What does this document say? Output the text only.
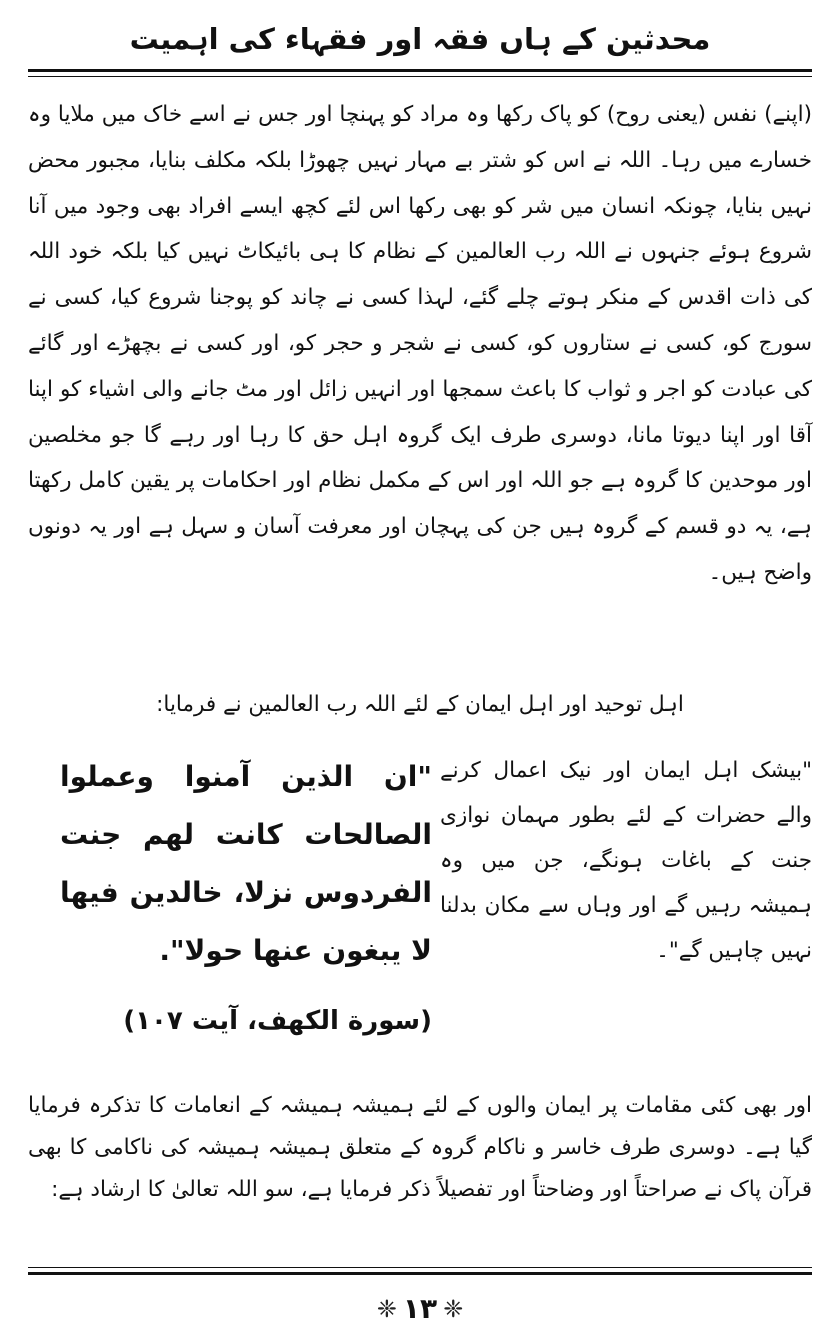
محدثین کے ہاں فقہ اور فقہاء کی اہمیت

(اپنے) نفس (یعنی روح) کو پاک رکھا وہ مراد کو پہنچا اور جس نے اسے خاک میں ملایا وہ خسارے میں رہا۔ اللہ نے اس کو شتر بے مہار نہیں چھوڑا بلکہ مکلف بنایا، مجبور محض نہیں بنایا، چونکہ انسان میں شر کو بھی رکھا اس لئے کچھ ایسے افراد بھی وجود میں آنا شروع ہوئے جنہوں نے اللہ رب العالمین کے نظام کا ہی بائیکاٹ نہیں کیا بلکہ خود اللہ کی ذات اقدس کے منکر ہوتے چلے گئے، لہذا کسی نے چاند کو پوجنا شروع کیا، کسی نے سورج کو، کسی نے ستاروں کو، کسی نے شجر و حجر کو، اور کسی نے بچھڑے اور گائے کی عبادت کو اجر و ثواب کا باعث سمجھا اور انہیں زائل اور مٹ جانے والی اشیاء کو اپنا آقا اور اپنا دیوتا مانا، دوسری طرف ایک گروہ اہل حق کا رہا اور رہے گا جو مخلصین اور موحدین کا گروہ ہے جو اللہ اور اس کے مکمل نظام اور احکامات پر یقین کامل رکھتا ہے، یہ دو قسم کے گروہ ہیں جن کی پہچان اور معرفت آسان و سہل ہے اور یہ دونوں واضح ہیں۔

اہل توحید اور اہل ایمان کے لئے اللہ رب العالمین نے فرمایا:
"ان الذین آمنوا وعملوا الصالحات کانت لھم جنت الفردوس نزلا، خالدین فیھا لا یبغون عنھا حولا".
(سورة الکهف، آیت ۱۰۷)
"بیشک اہل ایمان اور نیک اعمال کرنے والے حضرات کے لئے بطور مہمان نوازی جنت کے باغات ہونگے، جن میں وہ ہمیشہ رہیں گے اور وہاں سے مکان بدلنا نہیں چاہیں گے"۔
اور بھی کئی مقامات پر ایمان والوں کے لئے ہمیشہ ہمیشہ کے انعامات کا تذکرہ فرمایا گیا ہے۔ دوسری طرف خاسر و ناکام گروہ کے متعلق ہمیشہ ہمیشہ کی ناکامی کا بھی قرآن پاک نے صراحتاً اور وضاحتاً اور تفصیلاً ذکر فرمایا ہے، سو اللہ تعالیٰ کا ارشاد ہے:
❈ ۱۳ ❈
